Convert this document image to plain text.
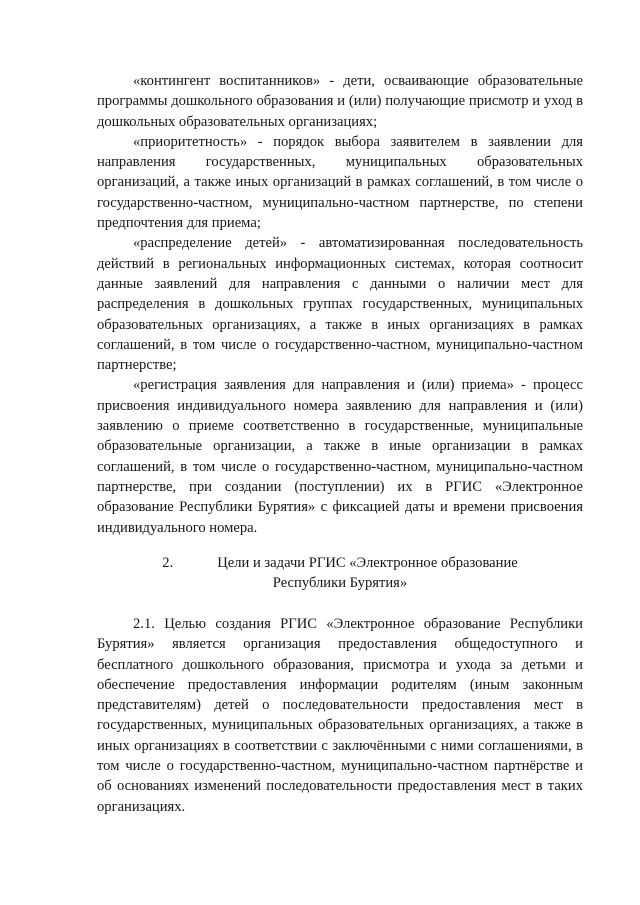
«контингент воспитанников» - дети, осваивающие образовательные программы дошкольного образования и (или) получающие присмотр и уход в дошкольных образовательных организациях;

«приоритетность» - порядок выбора заявителем в заявлении для направления государственных, муниципальных образовательных организаций, а также иных организаций в рамках соглашений, в том числе о государственно-частном, муниципально-частном партнерстве, по степени предпочтения для приема;

«распределение детей» - автоматизированная последовательность действий в региональных информационных системах, которая соотносит данные заявлений для направления с данными о наличии мест для распределения в дошкольных группах государственных, муниципальных образовательных организациях, а также в иных организациях в рамках соглашений, в том числе о государственно-частном, муниципально-частном партнерстве;

«регистрация заявления для направления и (или) приема» - процесс присвоения индивидуального номера заявлению для направления и (или) заявлению о приеме соответственно в государственные, муниципальные образовательные организации, а также в иные организации в рамках соглашений, в том числе о государственно-частном, муниципально-частном партнерстве, при создании (поступлении) их в РГИС «Электронное образование Республики Бурятия» с фиксацией даты и времени присвоения индивидуального номера.

2.	Цели и задачи РГИС «Электронное образование
Республики Бурятия»

2.1. Целью создания РГИС «Электронное образование Республики Бурятия» является организация предоставления общедоступного и бесплатного дошкольного образования, присмотра и ухода за детьми и обеспечение предоставления информации родителям (иным законным представителям) детей о последовательности предоставления мест в государственных, муниципальных образовательных организациях, а также в иных организациях в соответствии с заключёнными с ними соглашениями, в том числе о государственно-частном, муниципально-частном партнёрстве и об основаниях изменений последовательности предоставления мест в таких организациях.
